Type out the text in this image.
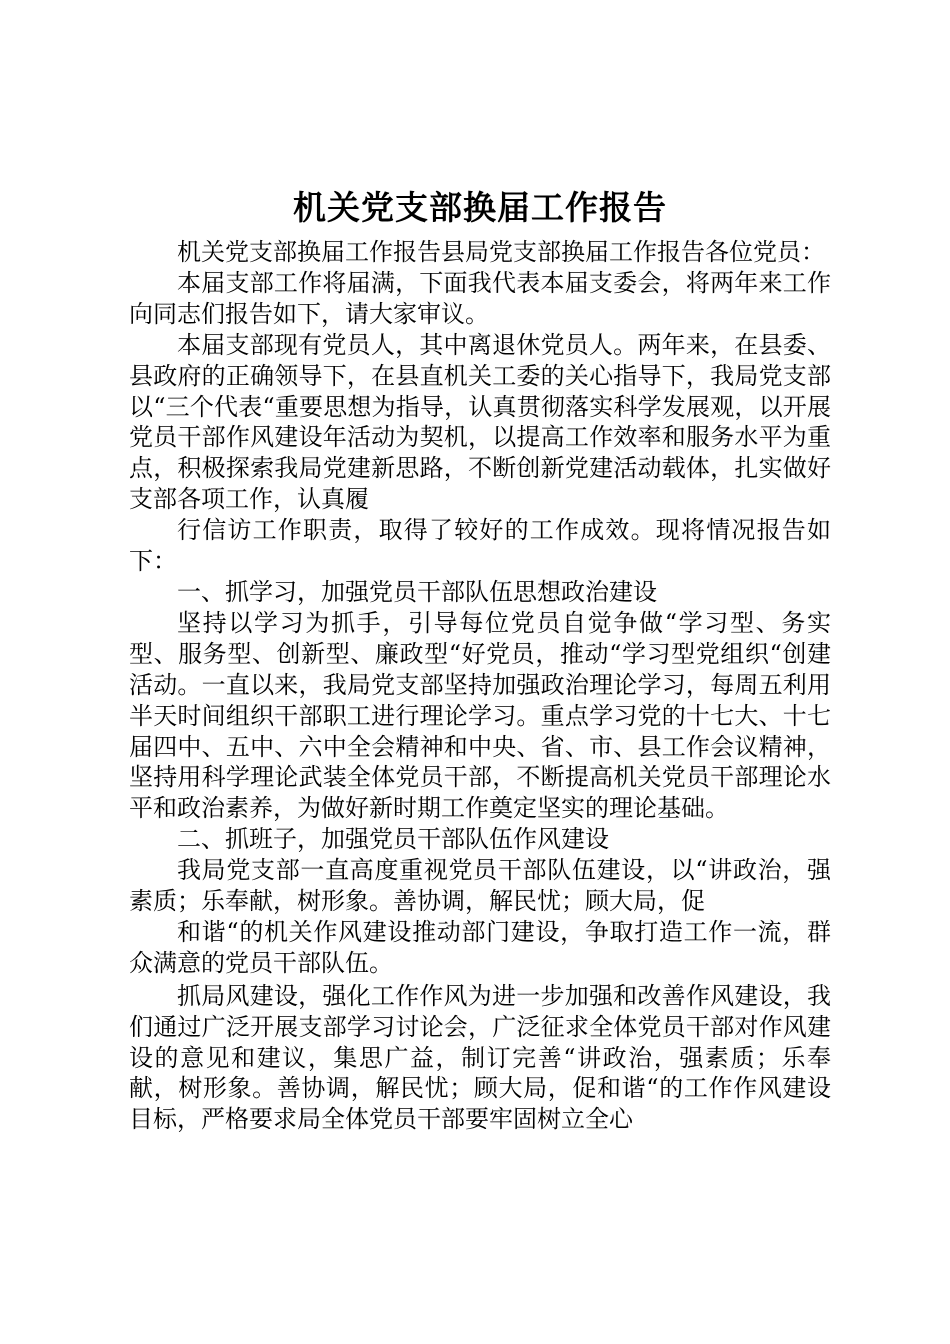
机关党支部换届工作报告

机关党支部换届工作报告县局党支部换届工作报告各位党员：

本届支部工作将届满，下面我代表本届支委会，将两年来工作向同志们报告如下，请大家审议。

本届支部现有党员人，其中离退休党员人。两年来，在县委、县政府的正确领导下，在县直机关工委的关心指导下，我局党支部以“三个代表“重要思想为指导，认真贯彻落实科学发展观，以开展党员干部作风建设年活动为契机，以提高工作效率和服务水平为重点，积极探索我局党建新思路，不断创新党建活动载体，扎实做好支部各项工作，认真履

行信访工作职责，取得了较好的工作成效。现将情况报告如下：

一、抓学习，加强党员干部队伍思想政治建设

坚持以学习为抓手，引导每位党员自觉争做“学习型、务实型、服务型、创新型、廉政型“好党员，推动“学习型党组织“创建活动。一直以来，我局党支部坚持加强政治理论学习，每周五利用半天时间组织干部职工进行理论学习。重点学习党的十七大、十七届四中、五中、六中全会精神和中央、省、市、县工作会议精神，坚持用科学理论武装全体党员干部，不断提高机关党员干部理论水平和政治素养，为做好新时期工作奠定坚实的理论基础。

二、抓班子，加强党员干部队伍作风建设

我局党支部一直高度重视党员干部队伍建设，以“讲政治，强素质；乐奉献，树形象。善协调，解民忧；顾大局，促

和谐“的机关作风建设推动部门建设，争取打造工作一流，群众满意的党员干部队伍。

抓局风建设，强化工作作风为进一步加强和改善作风建设，我们通过广泛开展支部学习讨论会，广泛征求全体党员干部对作风建设的意见和建议，集思广益，制订完善“讲政治，强素质；乐奉献，树形象。善协调，解民忧；顾大局，促和谐“的工作作风建设目标，严格要求局全体党员干部要牢固树立全心
